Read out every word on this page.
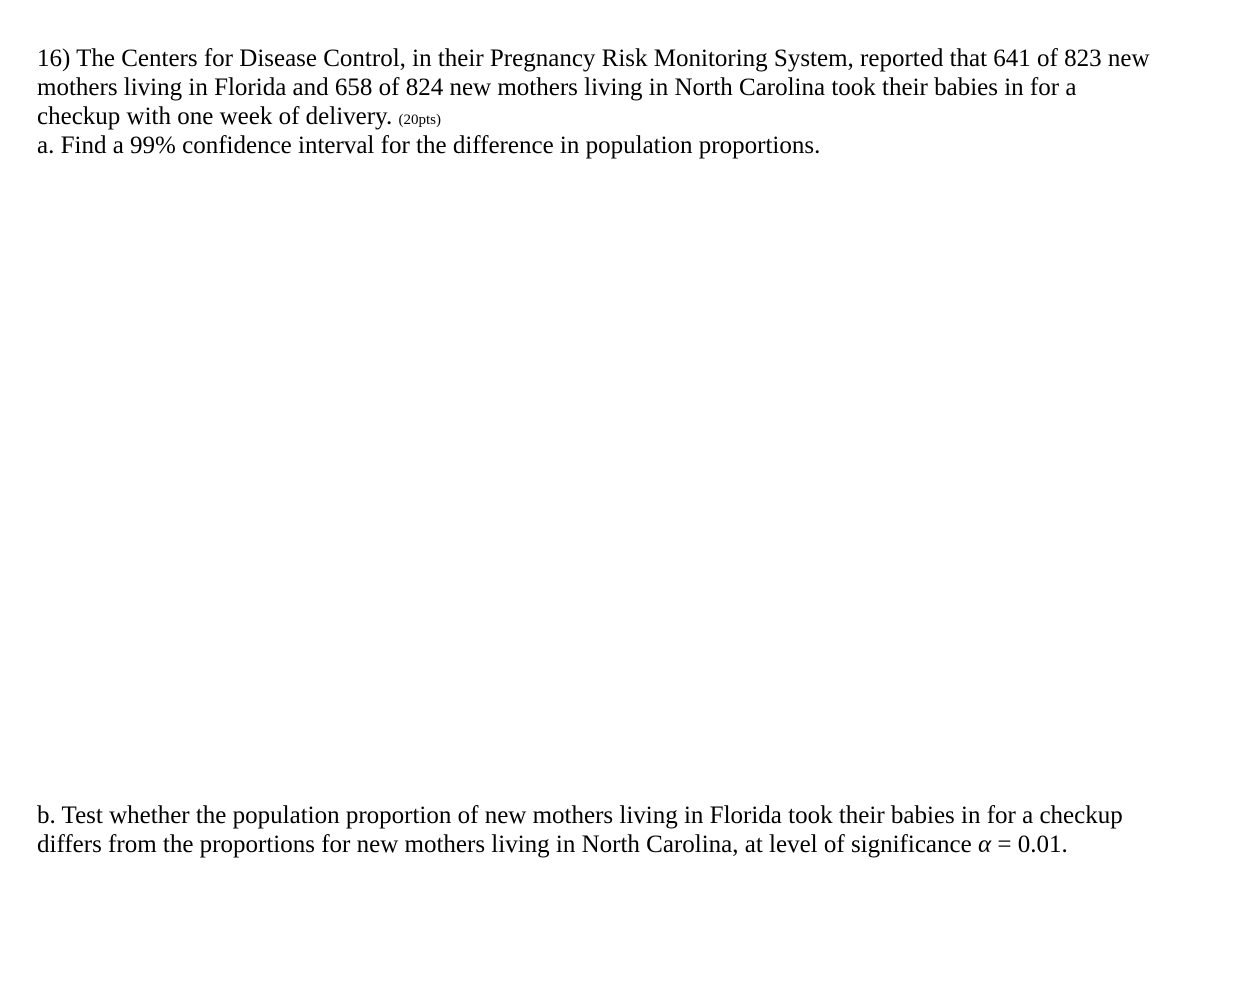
16) The Centers for Disease Control, in their Pregnancy Risk Monitoring System, reported that 641 of 823 new
mothers living in Florida and 658 of 824 new mothers living in North Carolina took their babies in for a
checkup with one week of delivery. (20pts)
a. Find a 99% confidence interval for the difference in population proportions.
b. Test whether the population proportion of new mothers living in Florida took their babies in for a checkup
differs from the proportions for new mothers living in North Carolina, at level of significance α = 0.01.
